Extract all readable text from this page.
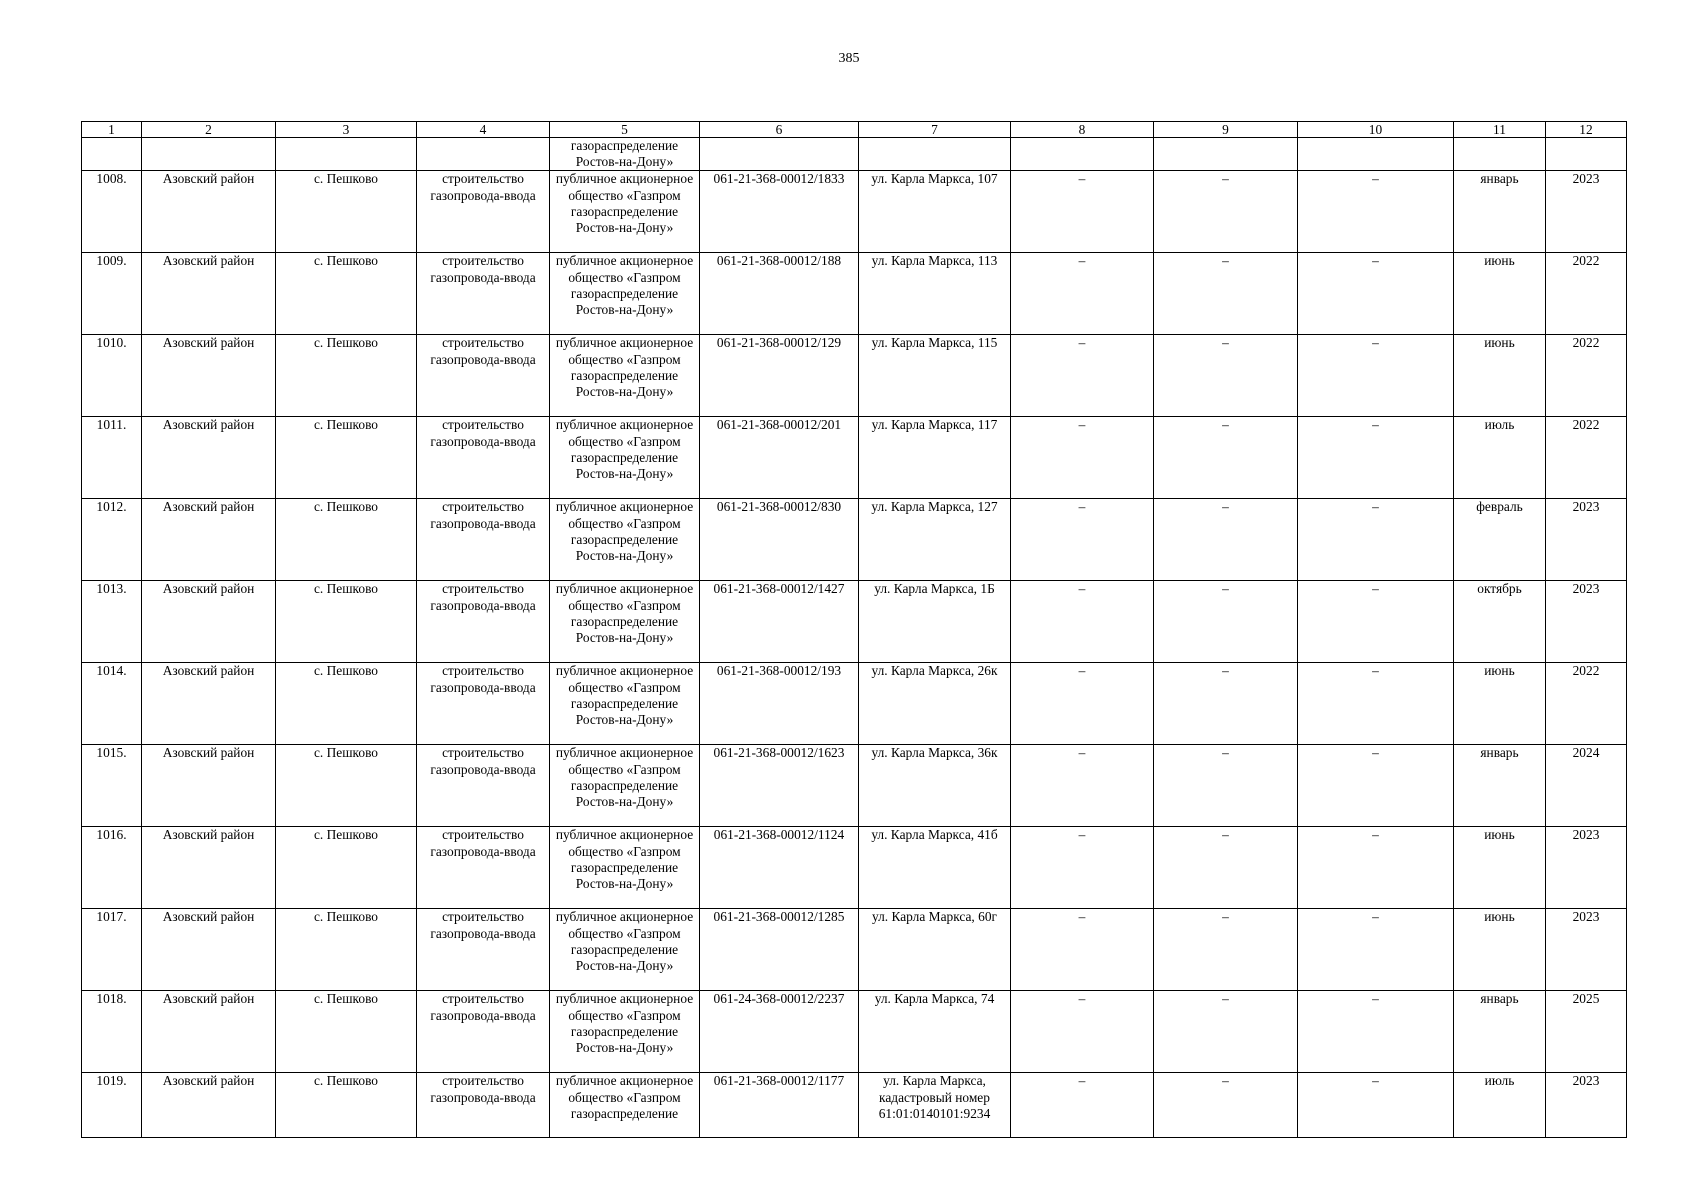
385
1	2	3	4	5	6	7	8	9	10	11	12
				газораспределение Ростов-на-Дону»							
1008.	Азовский район	с. Пешково	строительство газопровода-ввода	публичное акционерное общество «Газпром газораспределение Ростов-на-Дону»	061-21-368-00012/1833	ул. Карла Маркса, 107	–	–	–	январь	2023
1009.	Азовский район	с. Пешково	строительство газопровода-ввода	публичное акционерное общество «Газпром газораспределение Ростов-на-Дону»	061-21-368-00012/188	ул. Карла Маркса, 113	–	–	–	июнь	2022
1010.	Азовский район	с. Пешково	строительство газопровода-ввода	публичное акционерное общество «Газпром газораспределение Ростов-на-Дону»	061-21-368-00012/129	ул. Карла Маркса, 115	–	–	–	июнь	2022
1011.	Азовский район	с. Пешково	строительство газопровода-ввода	публичное акционерное общество «Газпром газораспределение Ростов-на-Дону»	061-21-368-00012/201	ул. Карла Маркса, 117	–	–	–	июль	2022
1012.	Азовский район	с. Пешково	строительство газопровода-ввода	публичное акционерное общество «Газпром газораспределение Ростов-на-Дону»	061-21-368-00012/830	ул. Карла Маркса, 127	–	–	–	февраль	2023
1013.	Азовский район	с. Пешково	строительство газопровода-ввода	публичное акционерное общество «Газпром газораспределение Ростов-на-Дону»	061-21-368-00012/1427	ул. Карла Маркса, 1Б	–	–	–	октябрь	2023
1014.	Азовский район	с. Пешково	строительство газопровода-ввода	публичное акционерное общество «Газпром газораспределение Ростов-на-Дону»	061-21-368-00012/193	ул. Карла Маркса, 26к	–	–	–	июнь	2022
1015.	Азовский район	с. Пешково	строительство газопровода-ввода	публичное акционерное общество «Газпром газораспределение Ростов-на-Дону»	061-21-368-00012/1623	ул. Карла Маркса, 36к	–	–	–	январь	2024
1016.	Азовский район	с. Пешково	строительство газопровода-ввода	публичное акционерное общество «Газпром газораспределение Ростов-на-Дону»	061-21-368-00012/1124	ул. Карла Маркса, 41б	–	–	–	июнь	2023
1017.	Азовский район	с. Пешково	строительство газопровода-ввода	публичное акционерное общество «Газпром газораспределение Ростов-на-Дону»	061-21-368-00012/1285	ул. Карла Маркса, 60г	–	–	–	июнь	2023
1018.	Азовский район	с. Пешково	строительство газопровода-ввода	публичное акционерное общество «Газпром газораспределение Ростов-на-Дону»	061-24-368-00012/2237	ул. Карла Маркса, 74	–	–	–	январь	2025
1019.	Азовский район	с. Пешково	строительство газопровода-ввода	публичное акционерное общество «Газпром газораспределение	061-21-368-00012/1177	ул. Карла Маркса, кадастровый номер 61:01:0140101:9234	–	–	–	июль	2023
